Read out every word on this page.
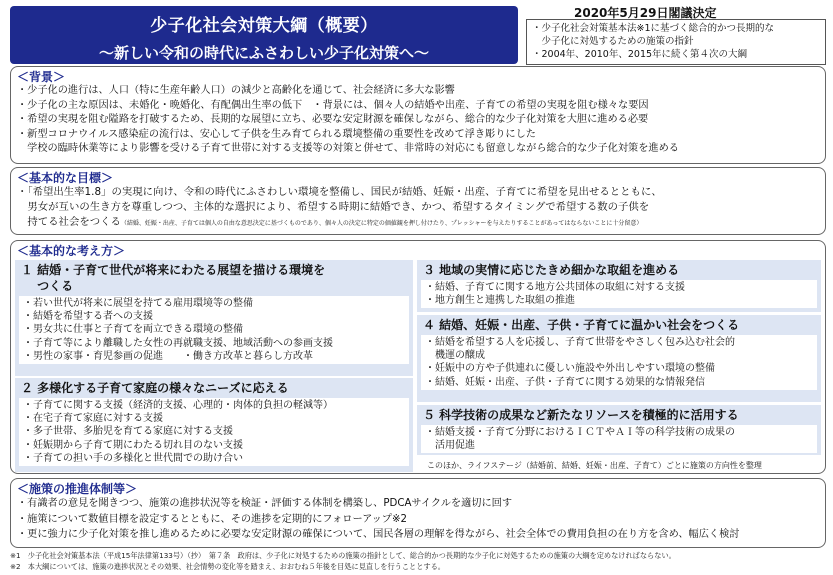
少子化社会対策大綱（概要）
～新しい令和の時代にふさわしい少子化対策へ～
2020年5月29日閣議決定
・少子化社会対策基本法※1に基づく総合的かつ長期的な
　少子化に対処するための施策の指針
・2004年、2010年、2015年に続く第４次の大綱
＜背景＞
・少子化の進行は、人口（特に生産年齢人口）の減少と高齢化を通じて、社会経済に多大な影響
・少子化の主な原因は、未婚化・晩婚化、有配偶出生率の低下　・背景には、個々人の結婚や出産、子育ての希望の実現を阻む様々な要因
・希望の実現を阻む隘路を打破するため、長期的な展望に立ち、必要な安定財源を確保しながら、総合的な少子化対策を大胆に進める必要
・新型コロナウイルス感染症の流行は、安心して子供を生み育てられる環境整備の重要性を改めて浮き彫りにした
　学校の臨時休業等により影響を受ける子育て世帯に対する支援等の対策と併せて、非常時の対応にも留意しながら総合的な少子化対策を進める
＜基本的な目標＞
・「希望出生率1.8」の実現に向け、令和の時代にふさわしい環境を整備し、国民が結婚、妊娠・出産、子育てに希望を見出せるとともに、
　男女が互いの生き方を尊重しつつ、主体的な選択により、希望する時期に結婚でき、かつ、希望するタイミングで希望する数の子供を
　持てる社会をつくる（結婚、妊娠・出産、子育ては個人の自由な意思決定に基づくものであり、個々人の決定に特定の価値観を押し付けたり、プレッシャーを与えたりすることがあってはならないことに十分留意）
＜基本的な考え方＞
１ 結婚・子育て世代が将来にわたる展望を描ける環境を
　 つくる
・若い世代が将来に展望を持てる雇用環境等の整備
・結婚を希望する者への支援
・男女共に仕事と子育てを両立できる環境の整備
・子育て等により離職した女性の再就職支援、地域活動への参画支援
・男性の家事・育児参画の促進　　・働き方改革と暮らし方改革
２ 多様化する子育て家庭の様々なニーズに応える
・子育てに関する支援（経済的支援、心理的・肉体的負担の軽減等）
・在宅子育て家庭に対する支援
・多子世帯、多胎児を育てる家庭に対する支援
・妊娠期から子育て期にわたる切れ目のない支援
・子育ての担い手の多様化と世代間での助け合い
３ 地域の実情に応じたきめ細かな取組を進める
・結婚、子育てに関する地方公共団体の取組に対する支援
・地方創生と連携した取組の推進
４ 結婚、妊娠・出産、子供・子育てに温かい社会をつくる
・結婚を希望する人を応援し、子育て世帯をやさしく包み込む社会的
　機運の醸成
・妊娠中の方や子供連れに優しい施設や外出しやすい環境の整備
・結婚、妊娠・出産、子供・子育てに関する効果的な情報発信
５ 科学技術の成果など新たなリソースを積極的に活用する
・結婚支援・子育て分野におけるＩＣＴやＡＩ等の科学技術の成果の
　活用促進
このほか、ライフステージ（結婚前、結婚、妊娠・出産、子育て）ごとに施策の方向性を整理
＜施策の推進体制等＞
・有識者の意見を聞きつつ、施策の進捗状況等を検証・評価する体制を構築し、PDCAサイクルを適切に回す
・施策について数値目標を設定するとともに、その進捗を定期的にフォローアップ※2
・更に強力に少子化対策を推し進めるために必要な安定財源の確保について、国民各層の理解を得ながら、社会全体での費用負担の在り方を含め、幅広く検討
※1　少子化社会対策基本法（平成15年法律第133号）（抄）　第７条　政府は、少子化に対処するための施策の指針として、総合的かつ長期的な少子化に対処するための施策の大綱を定めなければならない。
※2　本大綱については、施策の進捗状況とその効果、社会情勢の変化等を踏まえ、おおむね５年後を目処に見直しを行うこととする。
